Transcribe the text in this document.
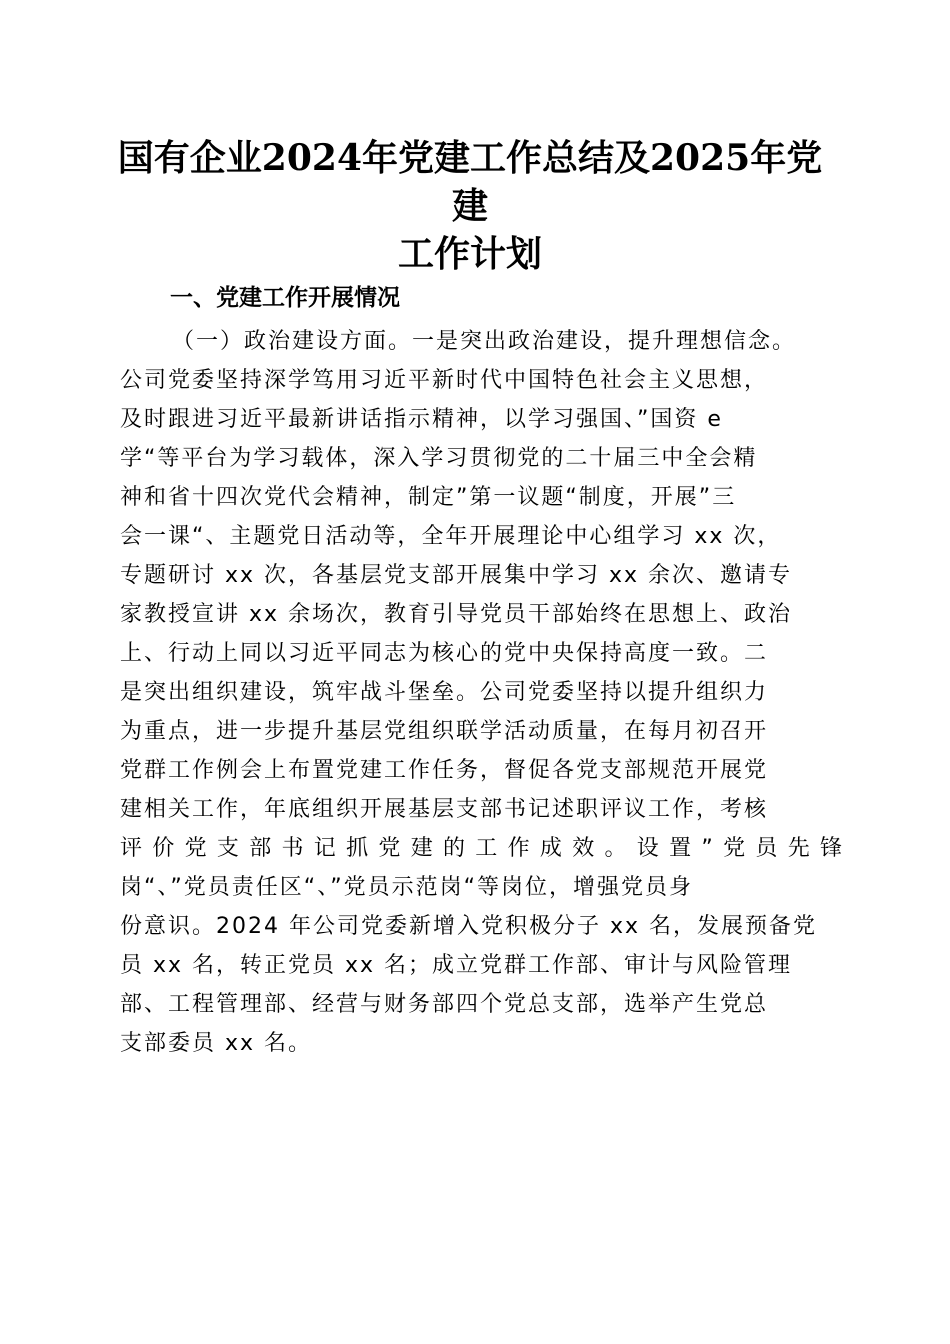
国有企业2024年党建工作总结及2025年党建
工作计划
一、党建工作开展情况
（一）政治建设方面。一是突出政治建设，提升理想信念。
公司党委坚持深学笃用习近平新时代中国特色社会主义思想，
及时跟进习近平最新讲话指示精神，以学习强国、”国资 e
学“等平台为学习载体，深入学习贯彻党的二十届三中全会精
神和省十四次党代会精神，制定”第一议题“制度，开展”三
会一课“、主题党日活动等，全年开展理论中心组学习 xx 次，
专题研讨 xx 次，各基层党支部开展集中学习 xx 余次、邀请专
家教授宣讲 xx 余场次，教育引导党员干部始终在思想上、政治
上、行动上同以习近平同志为核心的党中央保持高度一致。二
是突出组织建设，筑牢战斗堡垒。公司党委坚持以提升组织力
为重点，进一步提升基层党组织联学活动质量，在每月初召开
党群工作例会上布置党建工作任务，督促各党支部规范开展党
建相关工作，年底组织开展基层支部书记述职评议工作，考核
评价党支部书记抓党建的工作成效。设置”党员先锋
岗“、”党员责任区“、”党员示范岗“等岗位，增强党员身
份意识。2024 年公司党委新增入党积极分子 xx 名，发展预备党
员 xx 名，转正党员 xx 名；成立党群工作部、审计与风险管理
部、工程管理部、经营与财务部四个党总支部，选举产生党总
支部委员 xx 名。
